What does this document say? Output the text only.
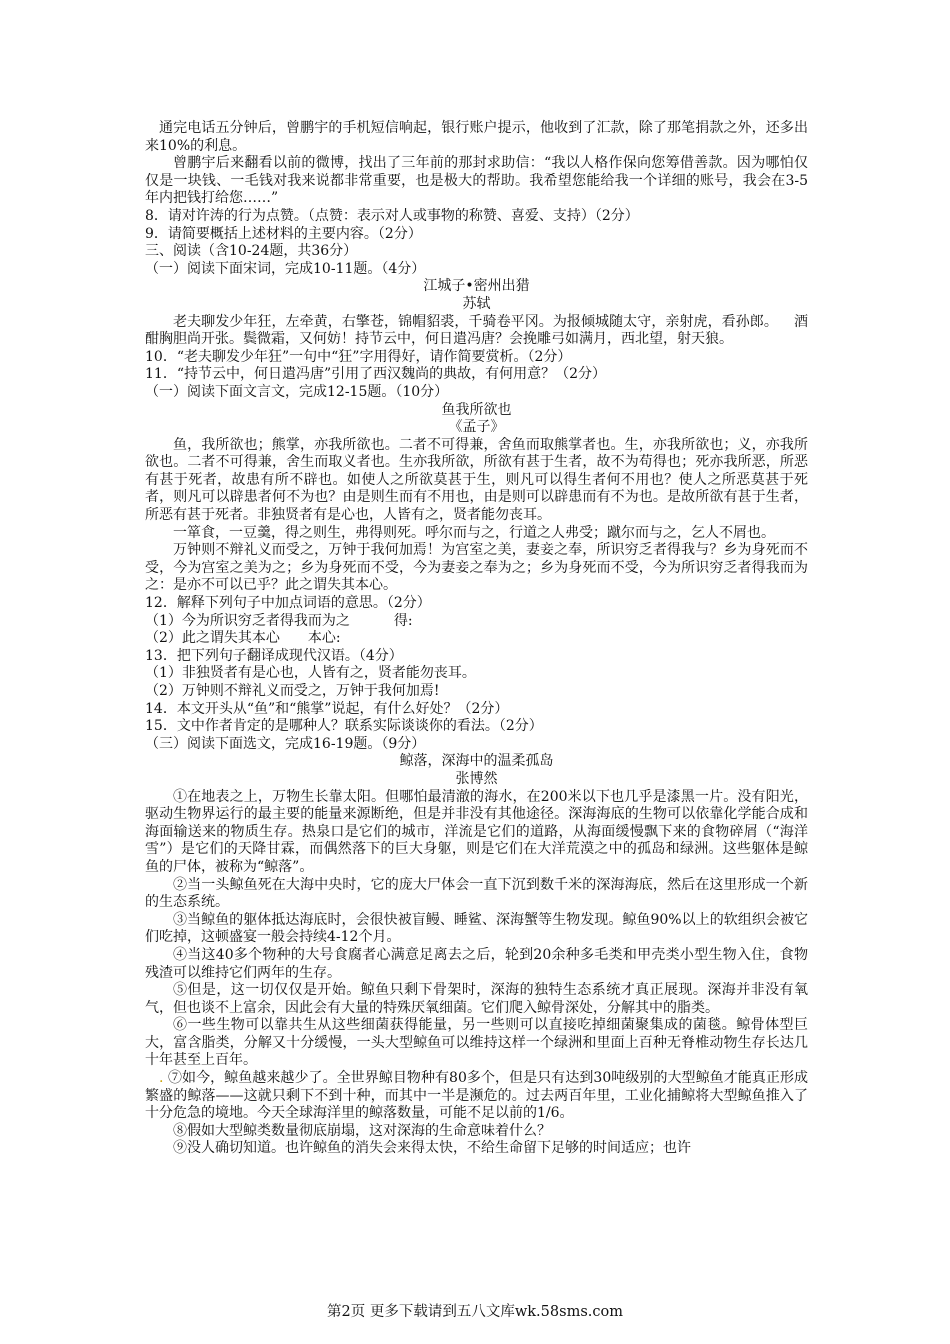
通完电话五分钟后，曾鹏宇的手机短信响起，银行账户提示，他收到了汇款，除了那笔捐款之外，还多出来10%的利息。

曾鹏宇后来翻看以前的微博，找出了三年前的那封求助信：“我以人格作保向您筹借善款。因为哪怕仅仅是一块钱、一毛钱对我来说都非常重要，也是极大的帮助。我希望您能给我一个详细的账号，我会在3-5年内把钱打给您……”

8．请对许涛的行为点赞。（点赞：表示对人或事物的称赞、喜爱、支持）（2分）

9．请简要概括上述材料的主要内容。（2分）

三、阅读（含10-24题，共36分）

（一）阅读下面宋词，完成10-11题。（4分）

江城子•密州出猎

苏轼

老夫聊发少年狂，左牵黄，右擎苍，锦帽貂裘，千骑卷平冈。为报倾城随太守，亲射虎，看孙郎。 酒酣胸胆尚开张。鬓微霜，又何妨！持节云中，何日遣冯唐？会挽雕弓如满月，西北望，射天狼。

10．“老夫聊发少年狂”一句中“狂”字用得好，请作简要赏析。（2分）

11．“持节云中，何日遣冯唐”引用了西汉魏尚的典故，有何用意？（2分）

（一）阅读下面文言文，完成12-15题。（10分）

鱼我所欲也

《孟子》

鱼，我所欲也；熊掌，亦我所欲也。二者不可得兼，舍鱼而取熊掌者也。生，亦我所欲也；义，亦我所欲也。二者不可得兼，舍生而取义者也。生亦我所欲，所欲有甚于生者，故不为苟得也；死亦我所恶，所恶有甚于死者，故患有所不辟也。如使人之所欲莫甚于生，则凡可以得生者何不用也？使人之所恶莫甚于死者，则凡可以辟患者何不为也？由是则生而有不用也，由是则可以辟患而有不为也。是故所欲有甚于生者，所恶有甚于死者。非独贤者有是心也，人皆有之，贤者能勿丧耳。

一箪食，一豆羹，得之则生，弗得则死。呼尔而与之，行道之人弗受；蹴尔而与之，乞人不屑也。

万钟则不辩礼义而受之，万钟于我何加焉！为宫室之美，妻妾之奉，所识穷乏者得我与？乡为身死而不受，今为宫室之美为之；乡为身死而不受，今为妻妾之奉为之；乡为身死而不受，今为所识穷乏者得我而为之：是亦不可以已乎？此之谓失其本心。

12．解释下列句子中加点词语的意思。（2分）

（1）今为所识穷乏者得我而为之	得:

（2）此之谓失其本心 本心:

13．把下列句子翻译成现代汉语。（4分）

（1）非独贤者有是心也，人皆有之，贤者能勿丧耳。

（2）万钟则不辩礼义而受之，万钟于我何加焉!

14．本文开头从“鱼”和“熊掌”说起，有什么好处？（2分）

15．文中作者肯定的是哪种人？联系实际谈谈你的看法。（2分）

（三）阅读下面选文，完成16-19题。（9分）

鲸落，深海中的温柔孤岛

张博然

①在地表之上，万物生长靠太阳。但哪怕最清澈的海水，在200米以下也几乎是漆黑一片。没有阳光，驱动生物界运行的最主要的能量来源断绝，但是并非没有其他途径。深海海底的生物可以依靠化学能合成和海面输送来的物质生存。热泉口是它们的城市，洋流是它们的道路，从海面缓慢飘下来的食物碎屑（“海洋雪”）是它们的天降甘霖，而偶然落下的巨大身躯，则是它们在大洋荒漠之中的孤岛和绿洲。这些躯体是鲸鱼的尸体，被称为“鲸落”。

②当一头鲸鱼死在大海中央时，它的庞大尸体会一直下沉到数千米的深海海底，然后在这里形成一个新的生态系统。

③当鲸鱼的躯体抵达海底时，会很快被盲鳗、睡鲨、深海蟹等生物发现。鲸鱼90%以上的软组织会被它们吃掉，这顿盛宴一般会持续4-12个月。

④当这40多个物种的大号食腐者心满意足离去之后，轮到20余种多毛类和甲壳类小型生物入住，食物残渣可以维持它们两年的生存。

⑤但是，这一切仅仅是开始。鲸鱼只剩下骨架时，深海的独特生态系统才真正展现。深海并非没有氧气，但也谈不上富余，因此会有大量的特殊厌氧细菌。它们爬入鲸骨深处，分解其中的脂类。

⑥一些生物可以靠共生从这些细菌获得能量，另一些则可以直接吃掉细菌聚集成的菌毯。鲸骨体型巨大，富含脂类，分解又十分缓慢，一头大型鲸鱼可以维持这样一个绿洲和里面上百种无脊椎动物生存长达几十年甚至上百年。

. ⑦如今，鲸鱼越来越少了。全世界鲸目物种有80多个，但是只有达到30吨级别的大型鲸鱼才能真正形成繁盛的鲸落——这就只剩下不到十种，而其中一半是濒危的。过去两百年里，工业化捕鲸将大型鲸鱼推入了十分危急的境地。今天全球海洋里的鲸落数量，可能不足以前的1/6。

⑧假如大型鲸类数量彻底崩塌，这对深海的生命意味着什么？

⑨没人确切知道。也许鲸鱼的消失会来得太快，不给生命留下足够的时间适应；也许

第2页 更多下载请到五八文库wk.58sms.com
